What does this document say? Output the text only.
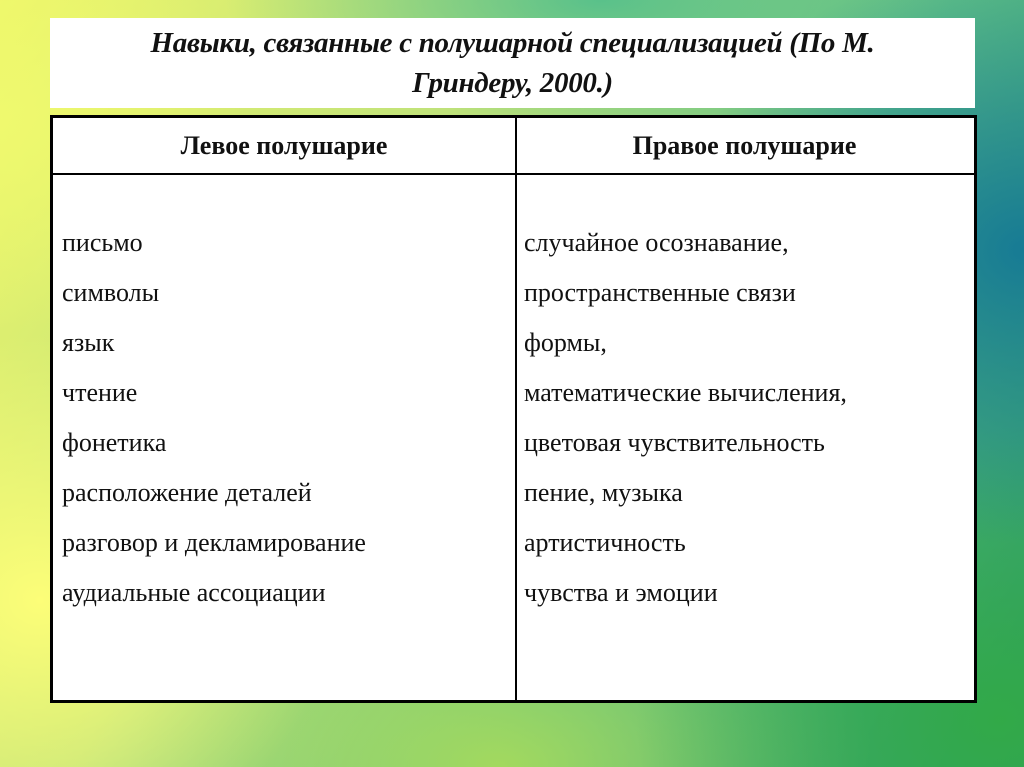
Навыки, связанные с полушарной специализацией (По М.
Гриндеру, 2000.)
Левое полушарие	Правое полушарие
письмо
символы
язык
чтение
фонетика
расположение деталей
разговор и декламирование
аудиальные ассоциации
случайное осознавание,
пространственные связи
формы,
математические вычисления,
цветовая чувствительность
пение, музыка
артистичность
чувства и эмоции
